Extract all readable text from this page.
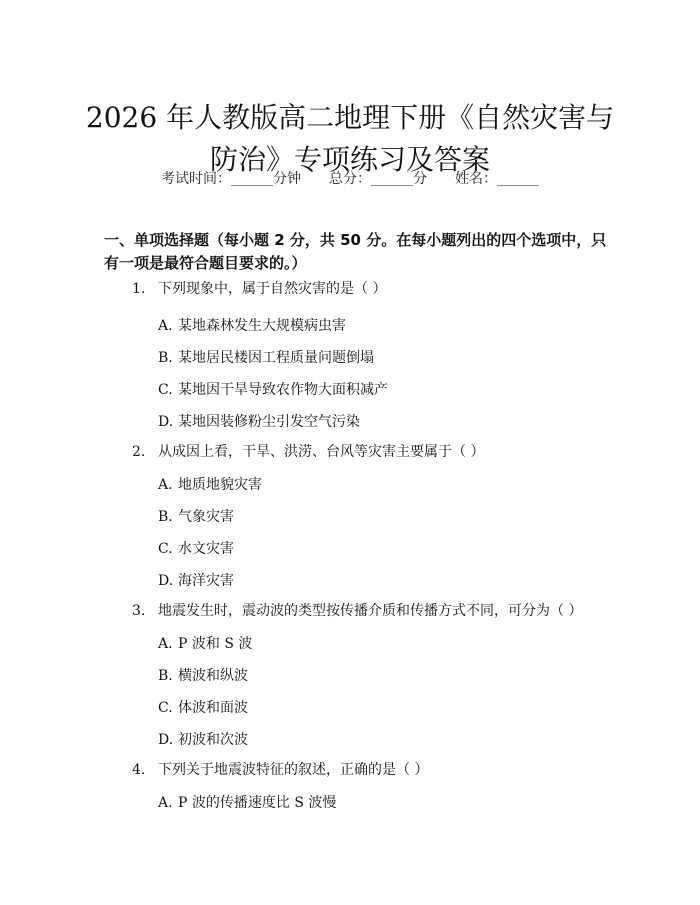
2026 年人教版高二地理下册《自然灾害与防治》专项练习及答案
考试时间：______分钟 总分：______分 姓名：______
一、单项选择题（每小题 2 分，共 50 分。在每小题列出的四个选项中，只有一项是最符合题目要求的。）
1. 下列现象中，属于自然灾害的是（ ）
A. 某地森林发生大规模病虫害
B. 某地居民楼因工程质量问题倒塌
C. 某地因干旱导致农作物大面积减产
D. 某地因装修粉尘引发空气污染
2. 从成因上看，干旱、洪涝、台风等灾害主要属于（ ）
A. 地质地貌灾害
B. 气象灾害
C. 水文灾害
D. 海洋灾害
3. 地震发生时，震动波的类型按传播介质和传播方式不同，可分为（ ）
A. P 波和 S 波
B. 横波和纵波
C. 体波和面波
D. 初波和次波
4. 下列关于地震波特征的叙述，正确的是（ ）
A. P 波的传播速度比 S 波慢
